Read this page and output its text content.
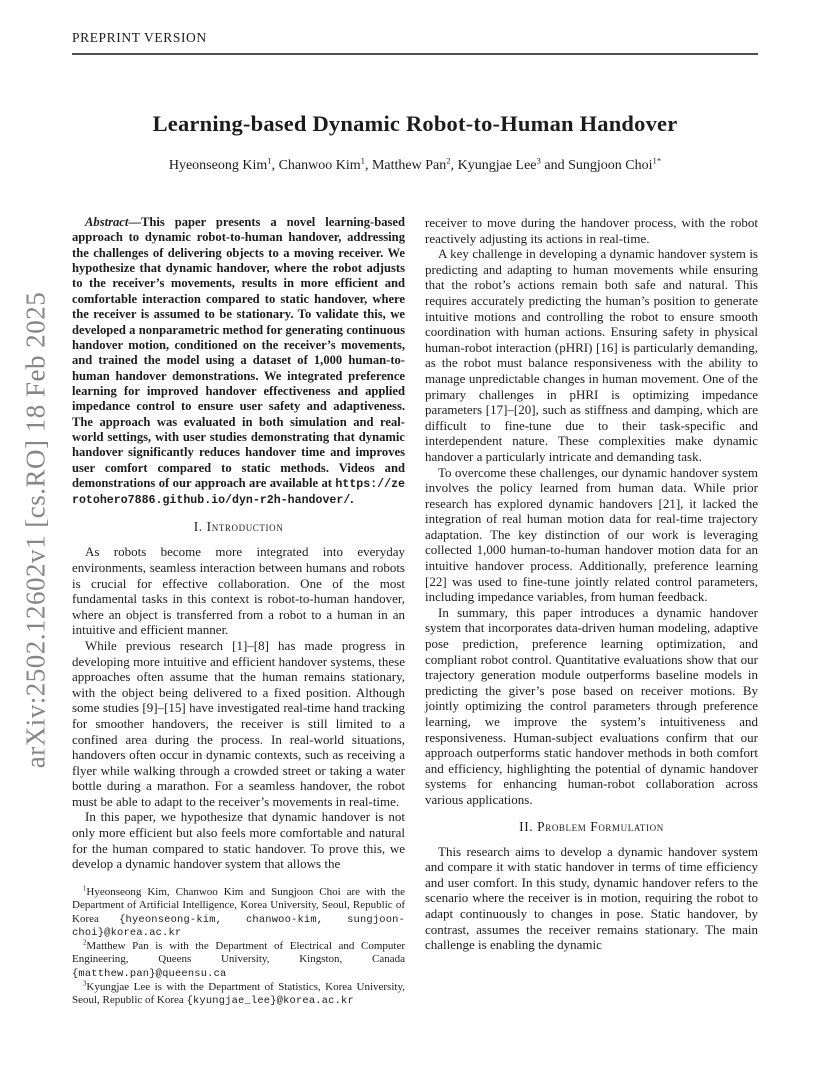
arXiv:2502.12602v1 [cs.RO] 18 Feb 2025
PREPRINT VERSION
Learning-based Dynamic Robot-to-Human Handover
Hyeonseong Kim$^1$, Chanwoo Kim$^1$, Matthew Pan$^2$, Kyungjae Lee$^3$ and Sungjoon Choi$^{1*}$

Abstract—This paper presents a novel learning-based approach to dynamic robot-to-human handover, addressing the challenges of delivering objects to a moving receiver. We hypothesize that dynamic handover, where the robot adjusts to the receiver’s movements, results in more efficient and comfortable interaction compared to static handover, where the receiver is assumed to be stationary. To validate this, we developed a nonparametric method for generating continuous handover motion, conditioned on the receiver’s movements, and trained the model using a dataset of 1,000 human-to-human handover demonstrations. We integrated preference learning for improved handover effectiveness and applied impedance control to ensure user safety and adaptiveness. The approach was evaluated in both simulation and real-world settings, with user studies demonstrating that dynamic handover significantly reduces handover time and improves user comfort compared to static methods. Videos and demonstrations of our approach are available at https://zerotohero7886.github.io/dyn-r2h-handover/.

I. Introduction

As robots become more integrated into everyday environments, seamless interaction between humans and robots is crucial for effective collaboration. One of the most fundamental tasks in this context is robot-to-human handover, where an object is transferred from a robot to a human in an intuitive and efficient manner.

While previous research [1]–[8] has made progress in developing more intuitive and efficient handover systems, these approaches often assume that the human remains stationary, with the object being delivered to a fixed position. Although some studies [9]–[15] have investigated real-time hand tracking for smoother handovers, the receiver is still limited to a confined area during the process. In real-world situations, handovers often occur in dynamic contexts, such as receiving a flyer while walking through a crowded street or taking a water bottle during a marathon. For a seamless handover, the robot must be able to adapt to the receiver’s movements in real-time.

In this paper, we hypothesize that dynamic handover is not only more efficient but also feels more comfortable and natural for the human compared to static handover. To prove this, we develop a dynamic handover system that allows the

$^1$Hyeonseong Kim, Chanwoo Kim and Sungjoon Choi are with the Department of Artificial Intelligence, Korea University, Seoul, Republic of Korea {hyeonseong-kim, chanwoo-kim, sungjoon-choi}@korea.ac.kr

$^2$Matthew Pan is with the Department of Electrical and Computer Engineering, Queens University, Kingston, Canada {matthew.pan}@queensu.ca

$^3$Kyungjae Lee is with the Department of Statistics, Korea University, Seoul, Republic of Korea {kyungjae_lee}@korea.ac.kr

receiver to move during the handover process, with the robot reactively adjusting its actions in real-time.

A key challenge in developing a dynamic handover system is predicting and adapting to human movements while ensuring that the robot’s actions remain both safe and natural. This requires accurately predicting the human’s position to generate intuitive motions and controlling the robot to ensure smooth coordination with human actions. Ensuring safety in physical human-robot interaction (pHRI) [16] is particularly demanding, as the robot must balance responsiveness with the ability to manage unpredictable changes in human movement. One of the primary challenges in pHRI is optimizing impedance parameters [17]–[20], such as stiffness and damping, which are difficult to fine-tune due to their task-specific and interdependent nature. These complexities make dynamic handover a particularly intricate and demanding task.

To overcome these challenges, our dynamic handover system involves the policy learned from human data. While prior research has explored dynamic handovers [21], it lacked the integration of real human motion data for real-time trajectory adaptation. The key distinction of our work is leveraging collected 1,000 human-to-human handover motion data for an intuitive handover process. Additionally, preference learning [22] was used to fine-tune jointly related control parameters, including impedance variables, from human feedback.

In summary, this paper introduces a dynamic handover system that incorporates data-driven human modeling, adaptive pose prediction, preference learning optimization, and compliant robot control. Quantitative evaluations show that our trajectory generation module outperforms baseline models in predicting the giver’s pose based on receiver motions. By jointly optimizing the control parameters through preference learning, we improve the system’s intuitiveness and responsiveness. Human-subject evaluations confirm that our approach outperforms static handover methods in both comfort and efficiency, highlighting the potential of dynamic handover systems for enhancing human-robot collaboration across various applications.

II. Problem Formulation

This research aims to develop a dynamic handover system and compare it with static handover in terms of time efficiency and user comfort. In this study, dynamic handover refers to the scenario where the receiver is in motion, requiring the robot to adapt continuously to changes in pose. Static handover, by contrast, assumes the receiver remains stationary. The main challenge is enabling the dynamic
